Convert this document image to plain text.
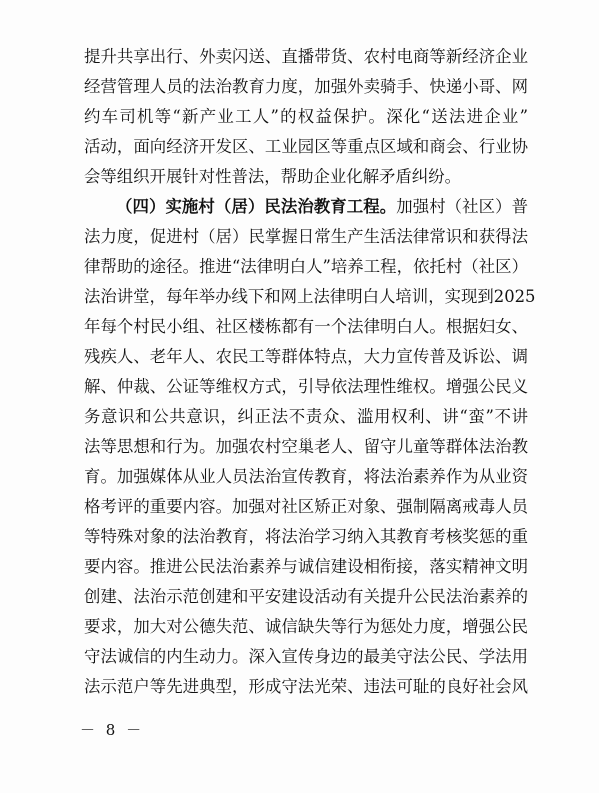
提升共享出行、外卖闪送、直播带货、农村电商等新经济企业
经营管理人员的法治教育力度，加强外卖骑手、快递小哥、网
约车司机等“新产业工人”的权益保护。深化“送法进企业”
活动，面向经济开发区、工业园区等重点区域和商会、行业协
会等组织开展针对性普法，帮助企业化解矛盾纠纷。
（四）实施村（居）民法治教育工程。加强村（社区）普
法力度，促进村（居）民掌握日常生产生活法律常识和获得法
律帮助的途径。推进“法律明白人”培养工程，依托村（社区）
法治讲堂，每年举办线下和网上法律明白人培训，实现到2025
年每个村民小组、社区楼栋都有一个法律明白人。根据妇女、
残疾人、老年人、农民工等群体特点，大力宣传普及诉讼、调
解、仲裁、公证等维权方式，引导依法理性维权。增强公民义
务意识和公共意识，纠正法不责众、滥用权利、讲“蛮”不讲
法等思想和行为。加强农村空巢老人、留守儿童等群体法治教
育。加强媒体从业人员法治宣传教育，将法治素养作为从业资
格考评的重要内容。加强对社区矫正对象、强制隔离戒毒人员
等特殊对象的法治教育，将法治学习纳入其教育考核奖惩的重
要内容。推进公民法治素养与诚信建设相衔接，落实精神文明
创建、法治示范创建和平安建设活动有关提升公民法治素养的
要求，加大对公德失范、诚信缺失等行为惩处力度，增强公民
守法诚信的内生动力。深入宣传身边的最美守法公民、学法用
法示范户等先进典型，形成守法光荣、违法可耻的良好社会风
－ 8 －
